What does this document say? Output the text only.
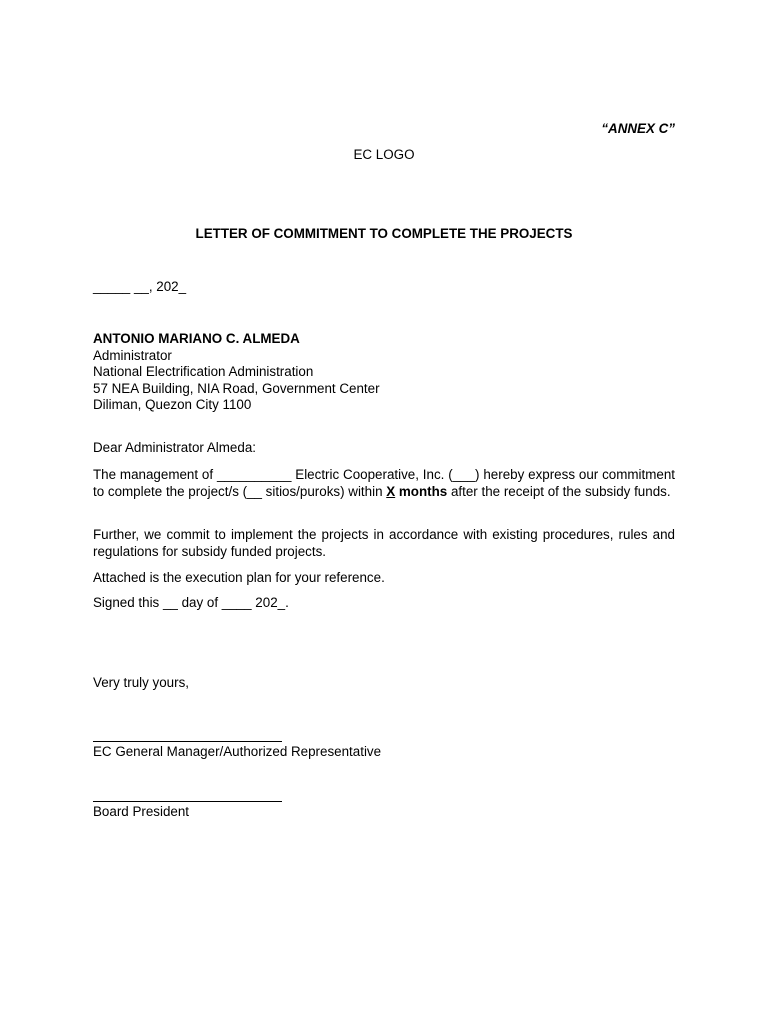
“ANNEX C”
EC LOGO
LETTER OF COMMITMENT TO COMPLETE THE PROJECTS
_____ __, 202_
ANTONIO MARIANO C. ALMEDA
Administrator
National Electrification Administration
57 NEA Building, NIA Road, Government Center
Diliman, Quezon City 1100
Dear Administrator Almeda:
The management of __________ Electric Cooperative, Inc. (___) hereby express our commitment to complete the project/s (__ sitios/puroks) within X months after the receipt of the subsidy funds.
Further, we commit to implement the projects in accordance with existing procedures, rules and regulations for subsidy funded projects.
Attached is the execution plan for your reference.
Signed this __ day of ____ 202_.
Very truly yours,
EC General Manager/Authorized Representative
Board President
